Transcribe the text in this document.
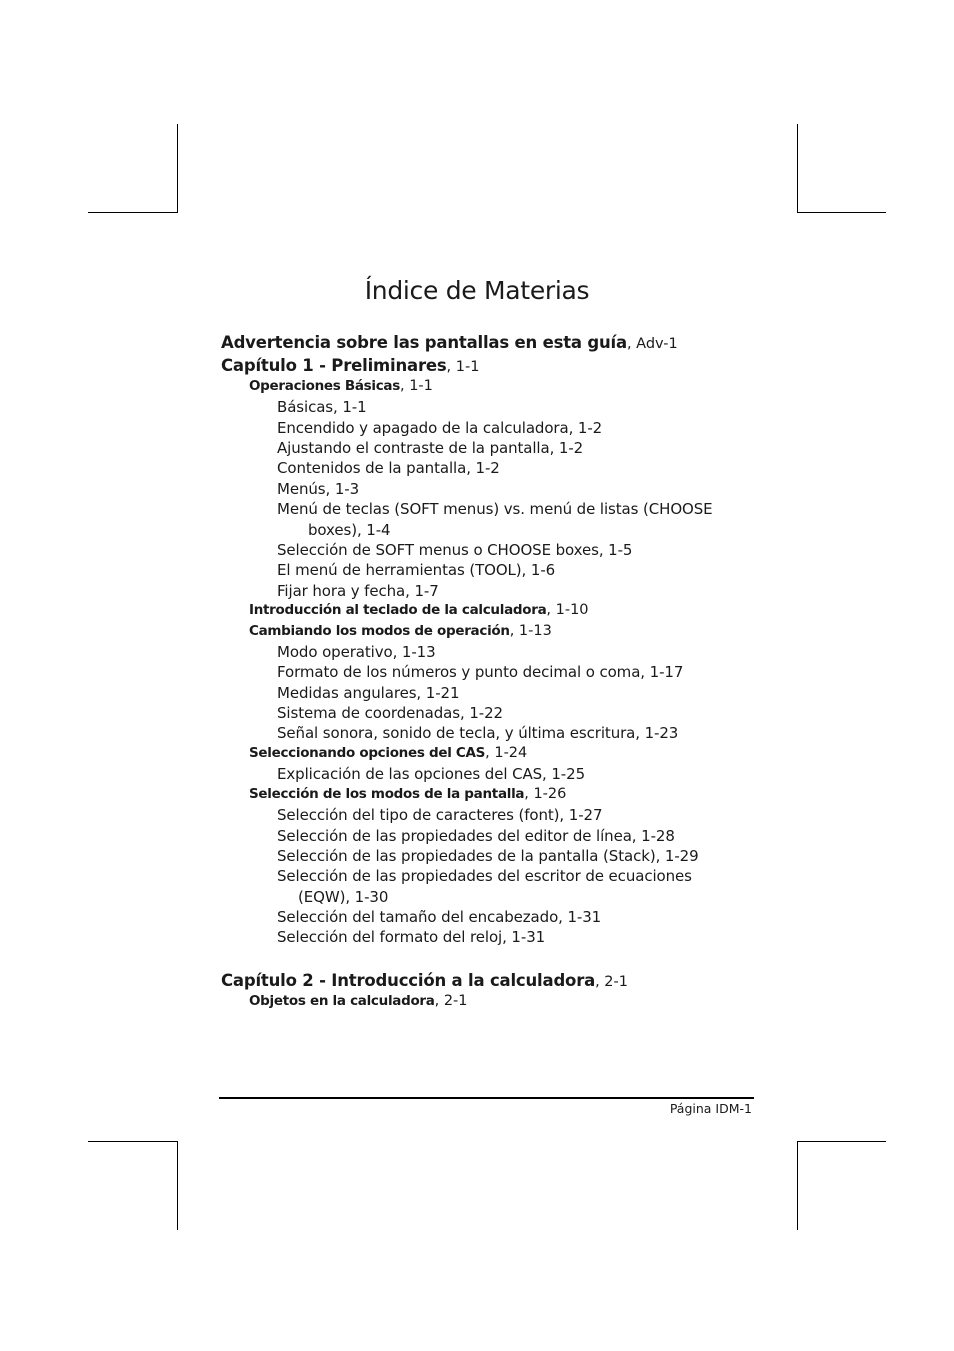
Índice de Materias
Advertencia sobre las pantallas en esta guía, Adv-1
Capítulo 1 - Preliminares, 1-1
Operaciones Básicas, 1-1
Básicas, 1-1
Encendido y apagado de la calculadora, 1-2
Ajustando el contraste de la pantalla, 1-2
Contenidos de la pantalla, 1-2
Menús, 1-3
Menú de teclas (SOFT menus) vs. menú de listas (CHOOSE
boxes), 1-4
Selección de SOFT menus o CHOOSE boxes, 1-5
El menú de herramientas (TOOL), 1-6
Fijar hora y fecha, 1-7
Introducción al teclado de la calculadora, 1-10
Cambiando los modos de operación, 1-13
Modo operativo, 1-13
Formato de los números y punto decimal o coma, 1-17
Medidas angulares, 1-21
Sistema de coordenadas, 1-22
Señal sonora, sonido de tecla, y última escritura, 1-23
Seleccionando opciones del CAS, 1-24
Explicación de las opciones del CAS, 1-25
Selección de los modos de la pantalla, 1-26
Selección del tipo de caracteres (font), 1-27
Selección de las propiedades del editor de línea, 1-28
Selección de las propiedades de la pantalla (Stack), 1-29
Selección de las propiedades del escritor de ecuaciones
(EQW), 1-30
Selección del tamaño del encabezado, 1-31
Selección del formato del reloj, 1-31
Capítulo 2 - Introducción a la calculadora, 2-1
Objetos en la calculadora, 2-1
Página IDM-1
